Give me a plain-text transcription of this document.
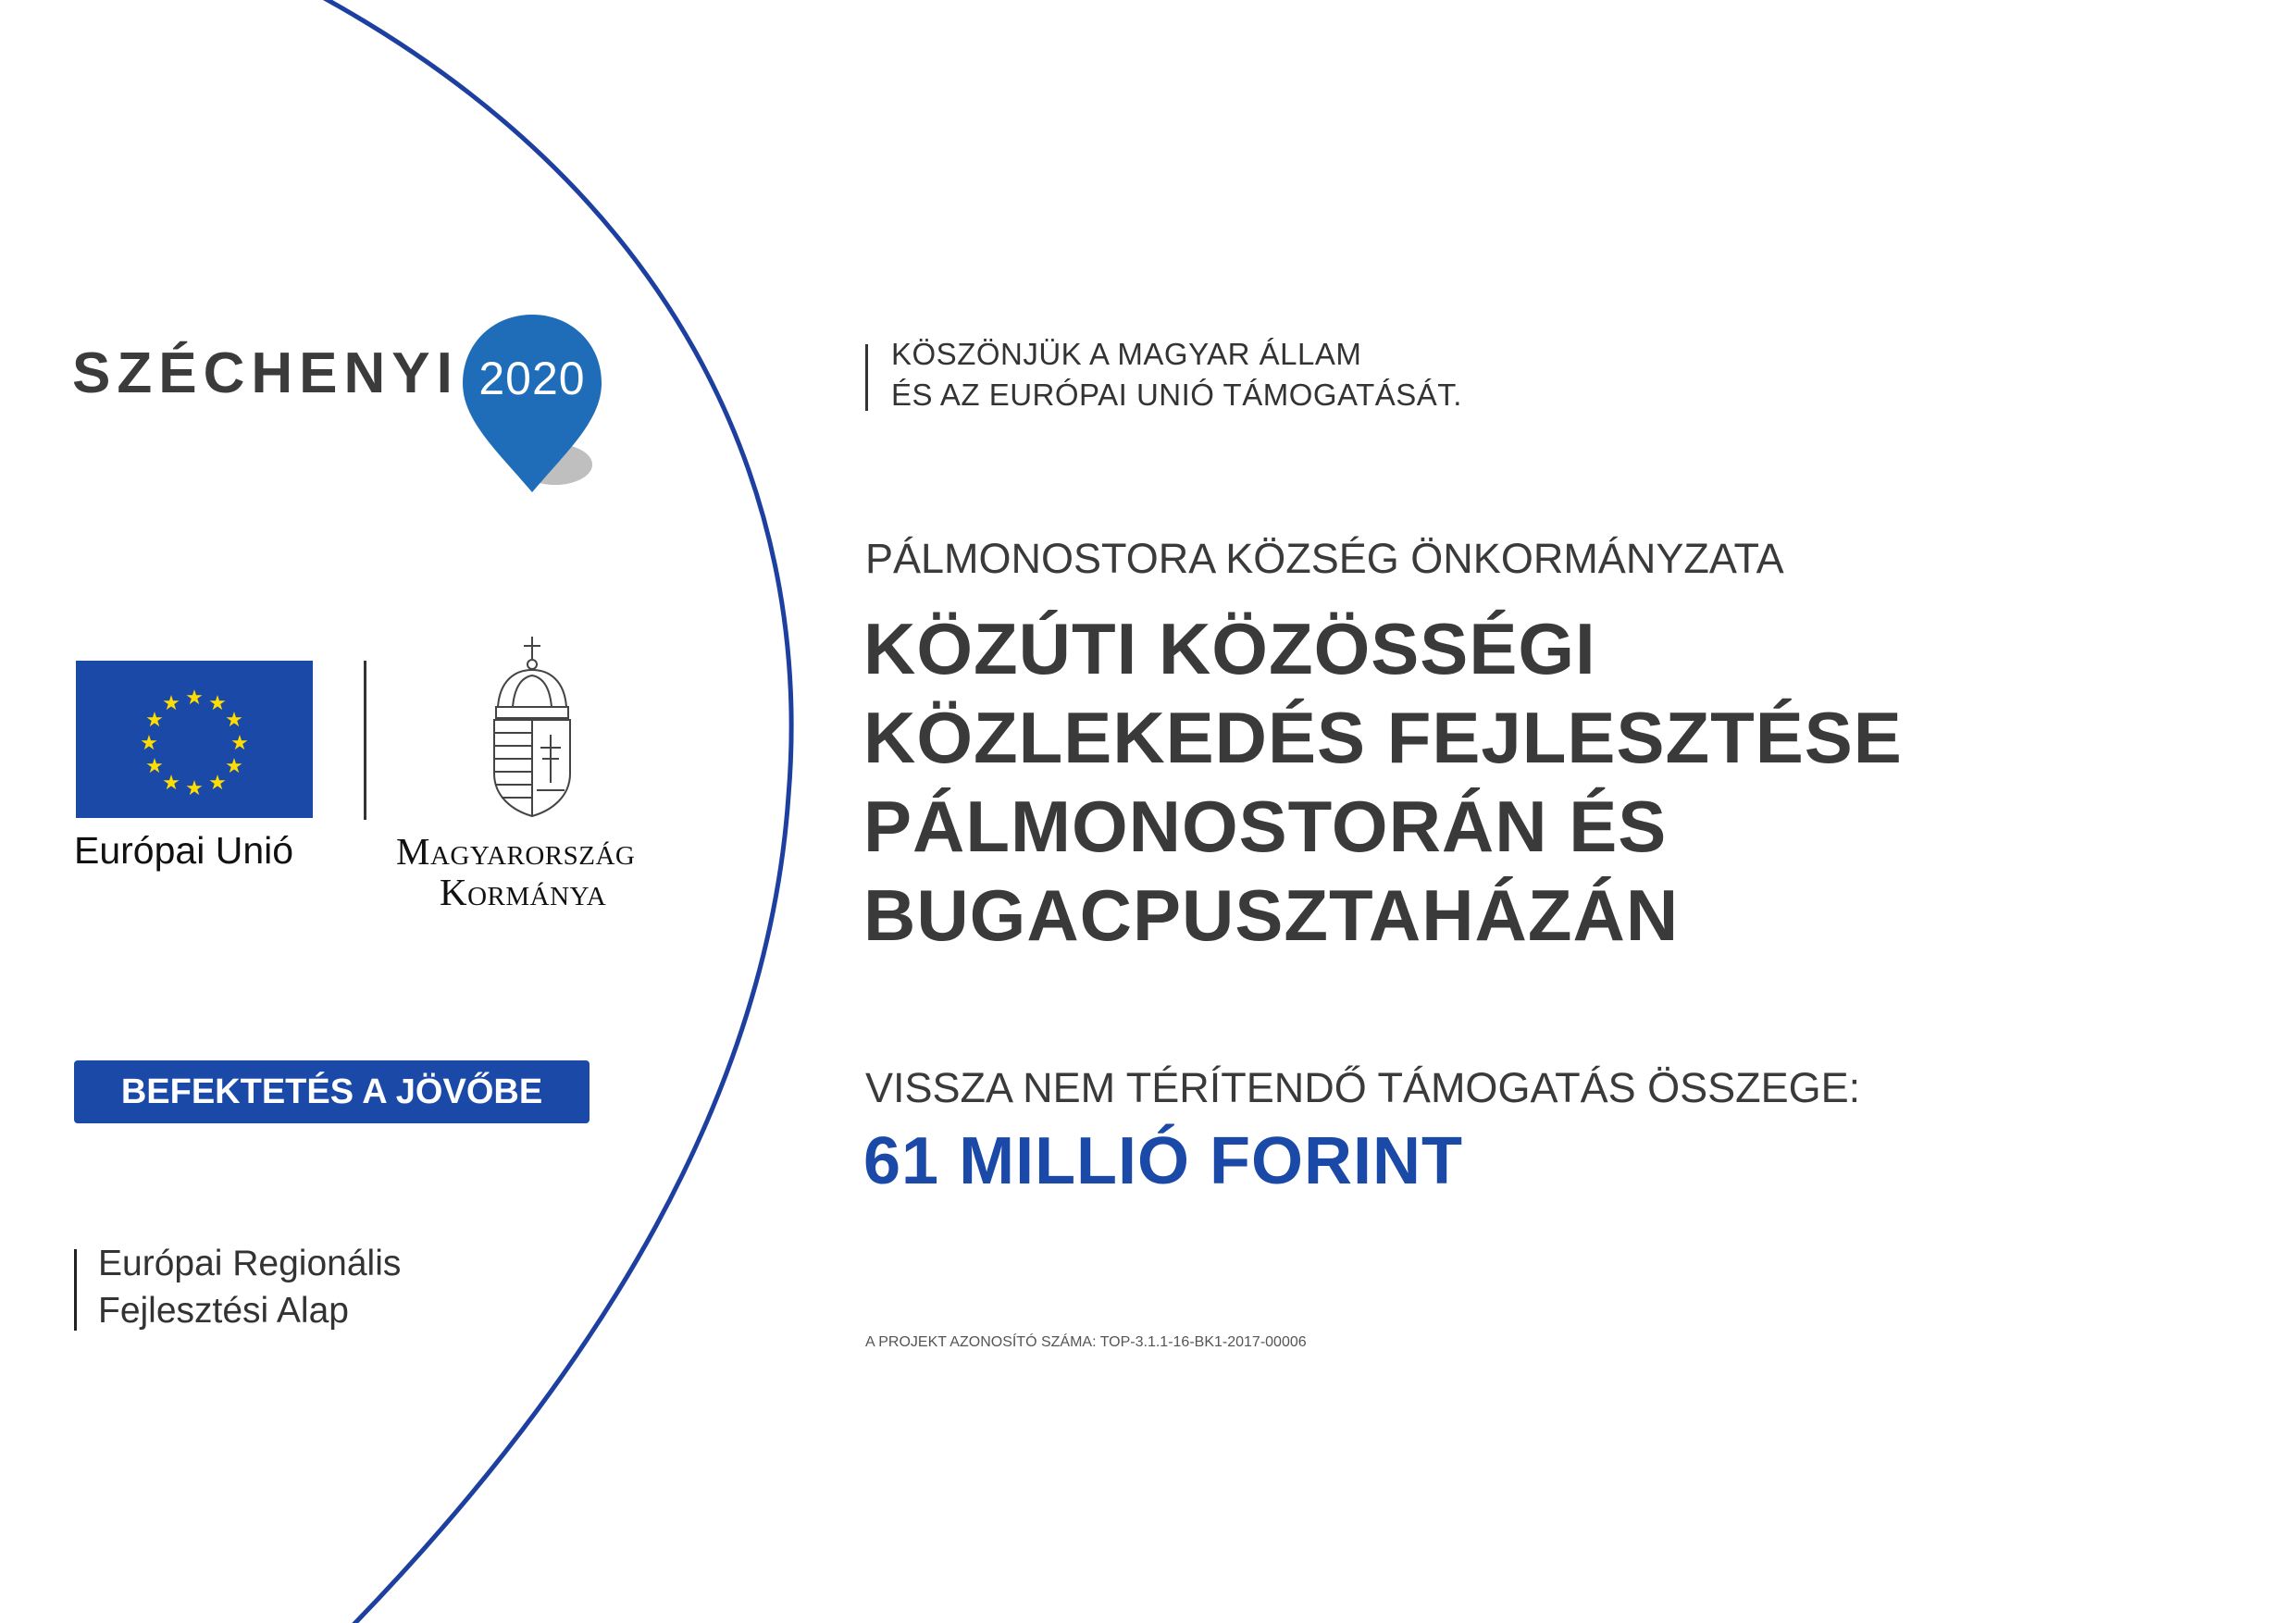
SZÉCHENYI 2020
★ ★
★
★
★
★
★
★
★
★
★
★
Európai Unió	Magyarország
Kormánya
BEFEKTETÉS A JÖVŐBE
Európai Regionális
Fejlesztési Alap
KÖSZÖNJÜK A MAGYAR ÁLLAM
ÉS AZ EURÓPAI UNIÓ TÁMOGATÁSÁT.
PÁLMONOSTORA KÖZSÉG ÖNKORMÁNYZATA
KÖZÚTI KÖZÖSSÉGI
KÖZLEKEDÉS FEJLESZTÉSE
PÁLMONOSTORÁN ÉS
BUGACPUSZTAHÁZÁN
VISSZA NEM TÉRÍTENDŐ TÁMOGATÁS ÖSSZEGE:
61 MILLIÓ FORINT
A PROJEKT AZONOSÍTÓ SZÁMA: TOP-3.1.1-16-BK1-2017-00006
